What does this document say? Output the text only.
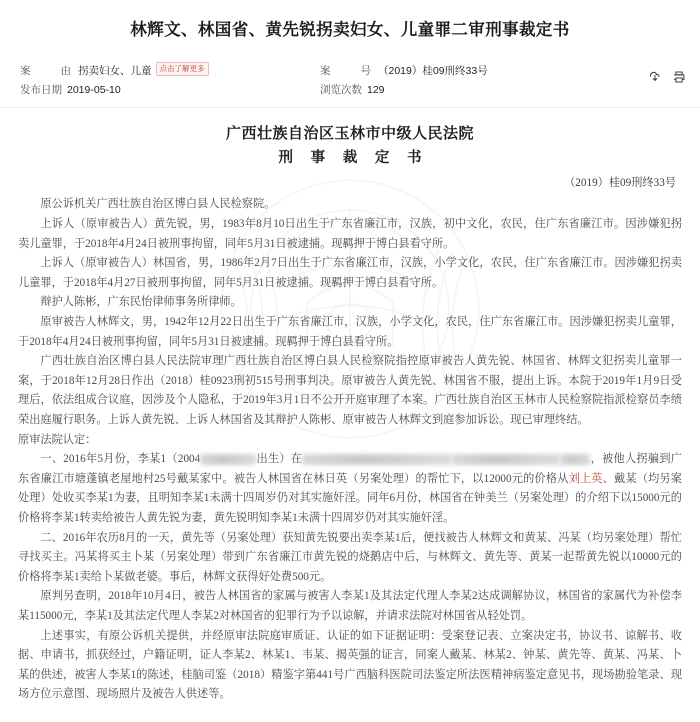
林辉文、林国省、黄先锐拐卖妇女、儿童罪二审刑事裁定书
案　　由 拐卖妇女、儿童	点击了解更多	案　　号 （2019）桂09刑终33号
发布日期 2019-05-10	浏览次数 129
广西壮族自治区玉林市中级人民法院
刑 事 裁 定 书
（2019）桂09刑终33号

原公诉机关广西壮族自治区博白县人民检察院。

上诉人（原审被告人）黄先锐，男，1983年8月10日出生于广东省廉江市，汉族，初中文化，农民，住广东省廉江市。因涉嫌犯拐卖儿童罪，于2018年4月24日被刑事拘留，同年5月31日被逮捕。现羁押于博白县看守所。

上诉人（原审被告人）林国省，男，1986年2月7日出生于广东省廉江市，汉族，小学文化，农民，住广东省廉江市。因涉嫌犯拐卖儿童罪，于2018年4月27日被刑事拘留，同年5月31日被逮捕。现羁押于博白县看守所。

辩护人陈彬，广东民怡律师事务所律师。

原审被告人林辉文，男，1942年12月22日出生于广东省廉江市，汉族，小学文化，农民，住广东省廉江市。因涉嫌犯拐卖儿童罪，于2018年4月24日被刑事拘留，同年5月31日被逮捕。现羁押于博白县看守所。

广西壮族自治区博白县人民法院审理广西壮族自治区博白县人民检察院指控原审被告人黄先锐、林国省、林辉文犯拐卖儿童罪一案，于2018年12月28日作出（2018）桂0923刑初515号刑事判决。原审被告人黄先锐、林国省不服，提出上诉。本院于2019年1月9日受理后，依法组成合议庭，因涉及个人隐私，于2019年3月1日不公开开庭审理了本案。广西壮族自治区玉林市人民检察院指派检察员李绩荣出庭履行职务。上诉人黄先锐、上诉人林国省及其辩护人陈彬、原审被告人林辉文到庭参加诉讼。现已审理终结。

原审法院认定：

一、2016年5月份，李某1（2004	出生）在	，被他人拐骗到广东省廉江市塘蓬镇老屋地村25号戴某家中。被告人林国省在林日英（另案处理）的帮忙下，以12000元的价格从刘上英、戴某（均另案处理）处收买李某1为妻，且明知李某1未满十四周岁仍对其实施奸淫。同年6月份，林国省在钟美兰（另案处理）的介绍下以15000元的价格将李某1转卖给被告人黄先锐为妻，黄先锐明知李某1未满十四周岁仍对其实施奸淫。

二、2016年农历8月的一天，黄先等（另案处理）获知黄先锐要出卖李某1后，便找被告人林辉文和黄某、冯某（均另案处理）帮忙寻找买主。冯某将买主卜某（另案处理）带到广东省廉江市黄先锐的烧鹅店中后，与林辉文、黄先等、黄某一起帮黄先锐以10000元的价格将李某1卖给卜某做老婆。事后，林辉文获得好处费500元。

原判另查明，2018年10月4日，被告人林国省的家属与被害人李某1及其法定代理人李某2达成调解协议，林国省的家属代为补偿李某115000元，李某1及其法定代理人李某2对林国省的犯罪行为予以谅解，并请求法院对林国省从轻处罚。

上述事实，有原公诉机关提供，并经原审法院庭审质证、认证的如下证据证明：受案登记表、立案决定书，协议书、谅解书、收据、申请书，抓获经过，户籍证明，证人李某2、林某1、韦某、揭英强的证言，同案人戴某、林某2、钟某、黄先等、黄某、冯某、卜某的供述，被害人李某1的陈述，桂脑司鉴（2018）精鉴字第441号广西脑科医院司法鉴定所法医精神病鉴定意见书，现场勘验笔录、现场方位示意图、现场照片及被告人供述等。
